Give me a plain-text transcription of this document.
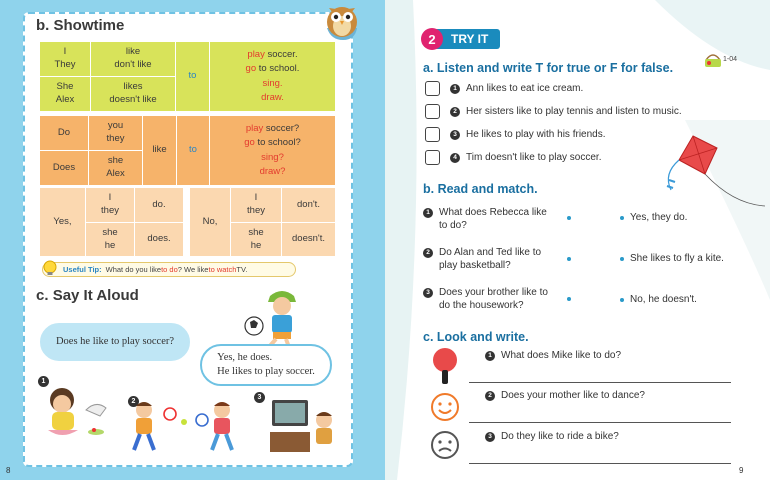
b. Showtime
I
They
like
don't like
She
Alex
likes
doesn't like
to
play soccer.
go to school.
sing.
draw.
Do
you
they
Does
she
Alex
like to
play soccer?
go to school?
sing?
draw?
Yes,
I
they
do.
she
he
does.
No,
I
they
don't.
she
he
doesn't.
Useful Tip: What do you like to do ? We like to watch TV.
c. Say It Aloud
Does he like to play soccer?
Yes, he does.
He likes to play soccer.
1
2
3
8
2	TRY IT
a. Listen and write T for true or F for false.
1-04
1 Ann likes to eat ice cream.
2 Her sisters like to play tennis and listen to music.
3 He likes to play with his friends.
4 Tim doesn't like to play soccer.
b. Read and match.
1 What does Rebecca like
to do?
2 Do Alan and Ted like to
play basketball?
3 Does your brother like to
do the housework?
Yes, they do.
She likes to fly a kite.
No, he doesn't.
c. Look and write.
1 What does Mike like to do?
2 Does your mother like to dance?
3 Do they like to ride a bike?
9
